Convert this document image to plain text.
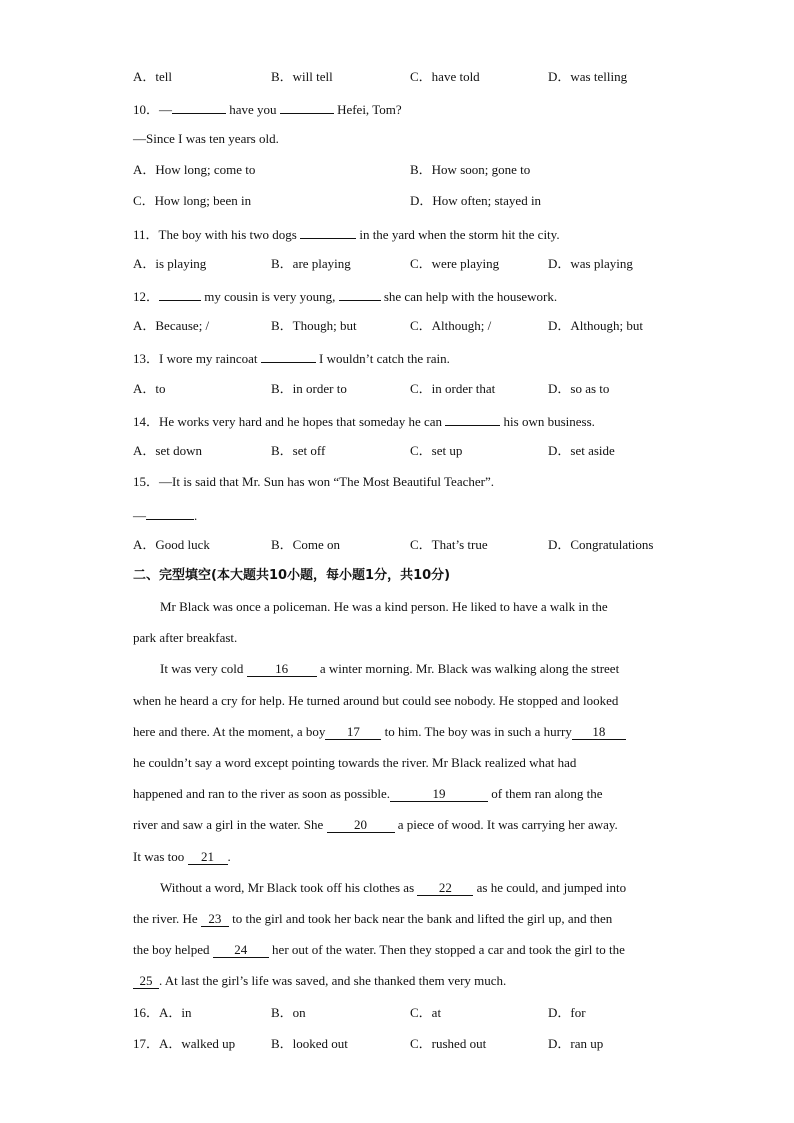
A．tell	B．will tell	C．have told	D．was telling
10．—	have you	Hefei, Tom?
—Since I was ten years old.
A．How long; come to	B．How soon; gone to
C．How long; been in	D．How often; stayed in
11．The boy with his two dogs	in the yard when the storm hit the city.
A．is playing	B．are playing	C．were playing	D．was playing
12．	my cousin is very young,	she can help with the housework.
A．Because; /	B．Though; but	C．Although; /	D．Although; but
13．I wore my raincoat	I wouldn’t catch the rain.
A．to	B．in order to	C．in order that	D．so as to
14．He works very hard and he hopes that someday he can	his own business.
A．set down	B．set off	C．set up	D．set aside
15．—It is said that Mr. Sun has won “The Most Beautiful Teacher”.
—	.
A．Good luck	B．Come on	C．That’s true	D．Congratulations
二、完型填空(本大题共10小题，每小题1分，共10分)
Mr Black was once a policeman. He was a kind person. He liked to have a walk in the
park after breakfast.
It was very cold 16 a winter morning. Mr. Black was walking along the street
when he heard a cry for help. He turned around but could see nobody. He stopped and looked
here and there. At the moment, a boy 17 to him. The boy was in such a hurry 18
he couldn’t say a word except pointing towards the river. Mr Black realized what had
happened and ran to the river as soon as possible.	19	of them ran along the
river and saw a girl in the water. She 20 a piece of wood. It was carrying her away.
It was too 21 .
Without a word, Mr Black took off his clothes as 22 as he could, and jumped into
the river. He 23 to the girl and took her back near the bank and lifted the girl up, and then
the boy helped 24 her out of the water. Then they stopped a car and took the girl to the
25 . At last the girl’s life was saved, and she thanked them very much.
16．A．in	B．on	C．at	D．for
17．A．walked up	B．looked out	C．rushed out	D．ran up
